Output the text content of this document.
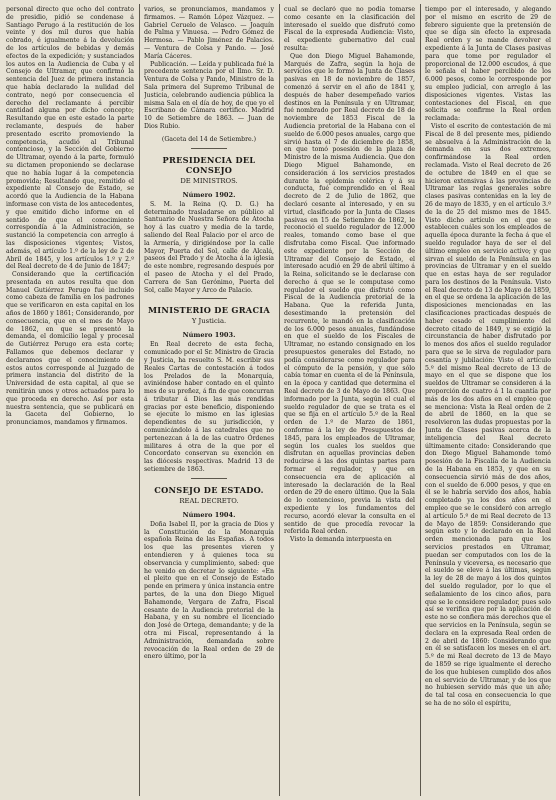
personal directo que ocho del contrato de presidio, pidió se condenase á Santiago Perugo á la restitución de los veinte y dos mil duros que había cobrado, é igualmente á la devolución de los artículos de bebidas y demás efectos de la expedición; y sustanciados los autos en la Audiencia de Cuba y el Consejo de Ultramar, que confirmó la sentencia del Juez de primera instancia que había declarado la nulidad del contrato, negó por consecuencia el derecho del reclamante á percibir cantidad alguna por dicho concepto; Resultando que en este estado la parte reclamante, después de haber presentado escrito promoviendo la competencia, acudió al Tribunal contencioso, y la Sección del Gobierno de Ultramar, oyendo á la parte, formuló su dictamen proponiendo se declarase que no había lugar á la competencia promovida; Resultando que, remitido el expediente al Consejo de Estado, se acordó que la Audiencia de la Habana informase con vista de los antecedentes, y que emitido dicho informe en el sentido de que el conocimiento correspondía á la Administración, se sustanció la competencia con arreglo á las disposiciones vigentes; Vistos, además, el artículo 1.º de la ley de 2 de Abril de 1845, y los artículos 1.º y 2.º del Real decreto de 4 de Junio de 1847;

Considerando que la certificación presentada en autos resulta que don Manuel Gutiérrez Perugo fué incluido como cabeza de familia en los padrones que se verificaron en esta capital en los años de 1860 y 1861; Considerando, por consecuencia, que en el mes de Mayo de 1862, en que se presentó la demanda, el domicilio legal y procesal de Gutiérrez Perugo era esta corte; Fallamos que debemos declarar y declaramos que el conocimiento de estos autos corresponde al Juzgado de primera instancia del distrito de la Universidad de esta capital, al que se remitirán unos y otros actuados para lo que proceda en derecho. Así por esta nuestra sentencia, que se publicará en la Gaceta del Gobierno, lo pronunciamos, mandamos y firmamos.

varios, se pronunciamos, mandamos y firmamos. — Ramón López Vázquez. — Gabriel Ceruelo de Velasco. — Joaquín de Palma y Vinuesa. — Pedro Gómez de Hermosa. — Pablo Jiménez de Palacios. — Ventura de Colsa y Pando. — José María Cáceres.

Publicación. — Leída y publicada fué la precedente sentencia por el Ilmo. Sr. D. Ventura de Colsa y Pando, Ministro de la Sala primera del Supremo Tribunal de Justicia, celebrando audiencia pública la misma Sala en el día de hoy, de que yo el Escribano de Cámara certifico. Madrid 10 de Setiembre de 1863. — Juan de Dios Rubio.

(Gaceta del 14 de Setiembre.)
PRESIDENCIA DEL CONSEJO
DE MINISTROS.
Número 1902.

S. M. la Reina (Q. D. G.) ha determinado trasladarse en público al Santuario de Nuestra Señora de Atocha hoy á las cuatro y media de la tarde, saliendo del Real Palacio por el arco de la Armería, y dirigiéndose por la calle Mayor, Puerta del Sol, calle de Alcalá, paseos del Prado y de Atocha á la iglesia de este nombre, regresando después por el paseo de Atocha y el del Prado, Carrera de San Gerónimo, Puerta del Sol, calle Mayor y Arco de Palacio.

MINISTERIO DE GRACIA
Y Justicia.
Número 1903.

En Real decreto de esta fecha, comunicado por el Sr. Ministro de Gracia y Justicia, ha resuelto S. M. escribir sus Reales Cartas de contestación á todos los Prelados de la Monarquía, aviniéndose haber contado en el quinto mes de su preñez, á fin de que concurran á tributar á Dios las más rendidas gracias por este beneficio, disponiendo se ejecute lo mismo en las iglesias dependientes de su jurisdicción, y comunicándolo á las catedrales que no pertenezcan á la de las cuatro Órdenes militares á otra de la que por el Concordato conservan su exención en las diócesis respectivas. Madrid 13 de setiembre de 1863.

CONSEJO DE ESTADO.
REAL DECRETO.
Número 1904.

Doña Isabel II, por la gracia de Dios y la Constitución de la Monarquía española Reina de las Españas. A todos los que las presentes vieren y entendieren y á quienes toca su observancia y cumplimiento, sabed: que he venido en decretar lo siguiente: «En el pleito que en el Consejo de Estado pende en primera y única instancia entre partes, de la una don Diego Miguel Bahamonde, Vergara de Zafra, Fiscal cesante de la Audiencia pretorial de la Habana, y en su nombre el licenciado don José de Ortega, demandante; y de la otra mi Fiscal, representando á la Administración, demandada sobre revocación de la Real orden de 29 de enero último, por la

cual se declaró que no podía tomarse como cesante en la clasificación del interesado el sueldo que disfrutó como Fiscal de la expresada Audiencia: Visto, el expediente gubernativo del cual resulta:

Que don Diego Miguel Bahamonde, Marqués de Zafra, según la hoja de servicios que le formó la Junta de Clases pasivas en 18 de noviembre de 1857, comenzó á servir en el año de 1841 y, después de haber desempeñado varios destinos en la Península y en Ultramar, fué nombrado por Real decreto de 18 de noviembre de 1853 Fiscal de la Audiencia pretorial de la Habana con el sueldo de 6.000 pesos anuales, cargo que sirvió hasta el 7 de diciembre de 1858, en que tomó posesión de la plaza de Ministro de la misma Audiencia. Que don Diego Miguel Bahamonde, en consideración á los servicios prestados durante la epidemia colérica y á su conducta, fué comprendido en el Real decreto de 2 de Julio de 1862, que declaró cesante al interesado, y en su virtud, clasificado por la Junta de Clases pasivas en 15 de Setiembre de 1862, le reconoció el sueldo regulador de 12.000 reales, tomando como base el que disfrutaba como Fiscal. Que informado este expediente por la Sección de Ultramar del Consejo de Estado, el interesado acudió en 29 de abril último á la Reina, solicitando se le declarase con derecho á que se le computase como regulador el sueldo que disfrutó como Fiscal de la Audiencia pretorial de la Habana. Que la referida Junta, desestimando la pretensión del recurrente, le mandó en la clasificación de los 6.000 pesos anuales, fundándose en que el sueldo de los Fiscales de Ultramar, no estando consignado en los presupuestos generales del Estado, no podía considerarse como regulador para el cómputo de la pensión, y que sólo cabía tomar en cuenta el de la Península, en la época y cantidad que determina el Real decreto de 3 de Mayo de 1863. Que informado por la Junta, según el cual el sueldo regulador de que se trata es el que se fija en el artículo 5.º de la Real orden de 1.º de Marzo de 1861, conforme á la ley de Presupuestos de 1845, para los empleados de Ultramar, según los cuales los sueldos que disfrutan en aquellas provincias deben reducirse á las dos quintas partes para formar el regulador, y que en consecuencia era de aplicación al interesado la declaración de la Real orden de 29 de enero último. Que la Sala de lo contencioso, previa la vista del expediente y los fundamentos del recurso, acordó elevar la consulta en el sentido de que procedía revocar la referida Real orden.

Visto la demanda interpuesta en

tiempo por el interesado, y alegando por el mismo en escrito de 29 de febrero siguiente que la pretensión de que se diga sin efecto la expresada Real orden y se mande devolver el expediente á la Junta de Clases pasivas para que tome por regulador el proporcional de 12.000 escudos, á que le señala el haber percibido de los 6.000 pesos, como le corresponde por su empleo judicial, con arreglo á las disposiciones vigentes. Vistas las contestaciones del Fiscal, en que solicita se confirme la Real orden reclamada:

Visto el escrito de contestación de mi Fiscal de 8 del presente mes, pidiendo se absuelva á la Administración de la demanda en sus dos extremos, confirmándose la Real orden reclamada. Visto el Real decreto de 26 de octubre de 1849 en el que se hicieron extensivas á las provincias de Ultramar las reglas generales sobre clases pasivas contenidas en la ley de 26 de mayo de 1835, y en el artículo 3.º de la de 25 del mismo mes de 1845. Visto dicho artículo en el que se establecen cuáles son los empleados de aquella época durante la fecha á que el sueldo regulador haya de ser el del último empleo en servicio activo; y que sirvan el sueldo de la Península en las provincias de Ultramar y en el sueldo que en estas haya de ser regulador para los destinos de la Península. Visto el Real decreto de 13 de Mayo de 1859, en el que se ordena la aplicación de las disposiciones mencionadas en las clasificaciones practicadas después de haber cesado el cumplimiento del decreto citado de 1849, y se exigió la circunstancia de haber disfrutado por lo menos dos años el sueldo regulador para que se le sirva de regulador para cesantía y jubilación: Visto el artículo 5.º del mismo Real decreto de 13 de mayo en el que se dispone que los sueldos de Ultramar se consideren á la proporción de cuatro á 1 la cuantía por más de los dos años en el empleo que se menciona: Vista la Real orden de 2 de abril de 1860, en la que se resolvieron las dudas propuestas por la Junta de Clases pasivas acerca de la inteligencia del Real decreto últimamente citado: Considerando que don Diego Miguel Bahamonde tomó posesión de la Fiscalía de la Audiencia de la Habana en 1853, y que en su consecuencia sirvió más de dos años, con el sueldo de 6.000 pesos, y que en él se le habría servido dos años, había completado ya los dos años en el empleo que se le consideró con arreglo al artículo 5.º de mi Real decreto de 13 de Mayo de 1859: Considerando que según esto y lo declarado en la Real orden mencionada para que los servicios prestados en Ultramar, puedan ser computados con los de la Península y viceversa, es necesario que el sueldo se eleve á las últimas, según la ley de 28 de mayo á los dos quintos del sueldo regulador, por lo que el señalamiento de los cinco años, para que se le considere regulador, pues solo así se verifica que por la aplicación de este no se confiera más derechos que el que servicios en la Península, según se declara en la expresada Real orden de 2 de abril de 1860: Considerando que en él se satisfacen los meses en el art. 5.º de mi Real decreto de 13 de Mayo de 1859 se rige igualmente el derecho de los que hubiesen cumplido dos años en el servicio de Ultramar, y de los que no hubiesen servido más que un año; de tal tal cosa en consecuencia lo que se ha de no sólo el espíritu,
